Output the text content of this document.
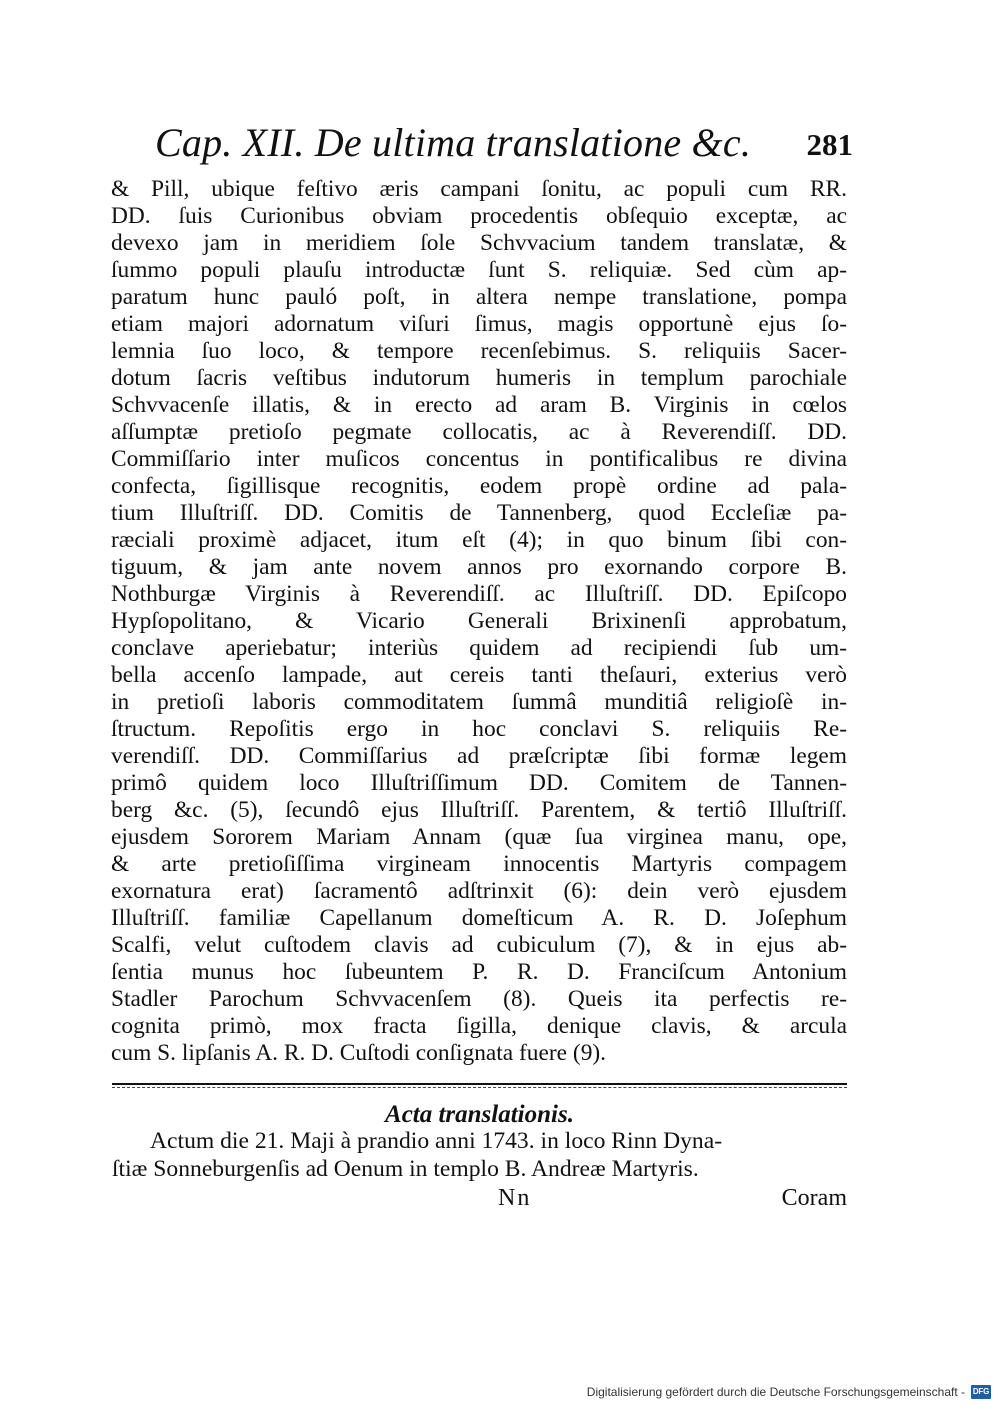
Cap. XII. De ultima translatione &c.	281
& Pill, ubique feſtivo æris campani ſonitu, ac populi cum RR.
DD. ſuis Curionibus obviam procedentis obſequio exceptæ, ac
devexo jam in meridiem ſole Schvvacium tandem translatæ, &
ſummo populi plauſu introductæ ſunt S. reliquiæ. Sed cùm ap-
paratum hunc pauló poſt, in altera nempe translatione, pompa
etiam majori adornatum viſuri ſimus, magis opportunè ejus ſo-
lemnia ſuo loco, & tempore recenſebimus. S. reliquiis Sacer-
dotum ſacris veſtibus indutorum humeris in templum parochiale
Schvvacenſe illatis, & in erecto ad aram B. Virginis in cœlos
aſſumptæ pretioſo pegmate collocatis, ac à Reverendiſſ. DD.
Commiſſario inter muſicos concentus in pontificalibus re divina
confecta, ſigillisque recognitis, eodem propè ordine ad pala-
tium Illuſtriſſ. DD. Comitis de Tannenberg, quod Eccleſiæ pa-
ræciali proximè adjacet, itum eſt (4); in quo binum ſibi con-
tiguum, & jam ante novem annos pro exornando corpore B.
Nothburgæ Virginis à Reverendiſſ. ac Illuſtriſſ. DD. Epiſcopo
Hypſopolitano, & Vicario Generali Brixinenſi approbatum,
conclave aperiebatur; interiùs quidem ad recipiendi ſub um-
bella accenſo lampade, aut cereis tanti theſauri, exterius verò
in pretioſi laboris commoditatem ſummâ munditiâ religioſè in-
ſtructum. Repoſitis ergo in hoc conclavi S. reliquiis Re-
verendiſſ. DD. Commiſſarius ad præſcriptæ ſibi formæ legem
primô quidem loco Illuſtriſſimum DD. Comitem de Tannen-
berg &c. (5), ſecundô ejus Illuſtriſſ. Parentem, & tertiô Illuſtriſſ.
ejusdem Sororem Mariam Annam (quæ ſua virginea manu, ope,
& arte pretioſiſſima virgineam innocentis Martyris compagem
exornatura erat) ſacramentô adſtrinxit (6): dein verò ejusdem
Illuſtriſſ. familiæ Capellanum domeſticum A. R. D. Joſephum
Scalfi, velut cuſtodem clavis ad cubiculum (7), & in ejus ab-
ſentia munus hoc ſubeuntem P. R. D. Franciſcum Antonium
Stadler Parochum Schvvacenſem (8). Queis ita perfectis re-
cognita primò, mox fracta ſigilla, denique clavis, & arcula
cum S. lipſanis A. R. D. Cuſtodi conſignata fuere (9).
Acta translationis.
Actum die 21. Maji à prandio anni 1743. in loco Rinn Dyna-
ſtiæ Sonneburgenſis ad Oenum in templo B. Andreæ Martyris.
Nn	Coram
Digitalisierung gefördert durch die Deutsche Forschungsgemeinschaft - DFG
